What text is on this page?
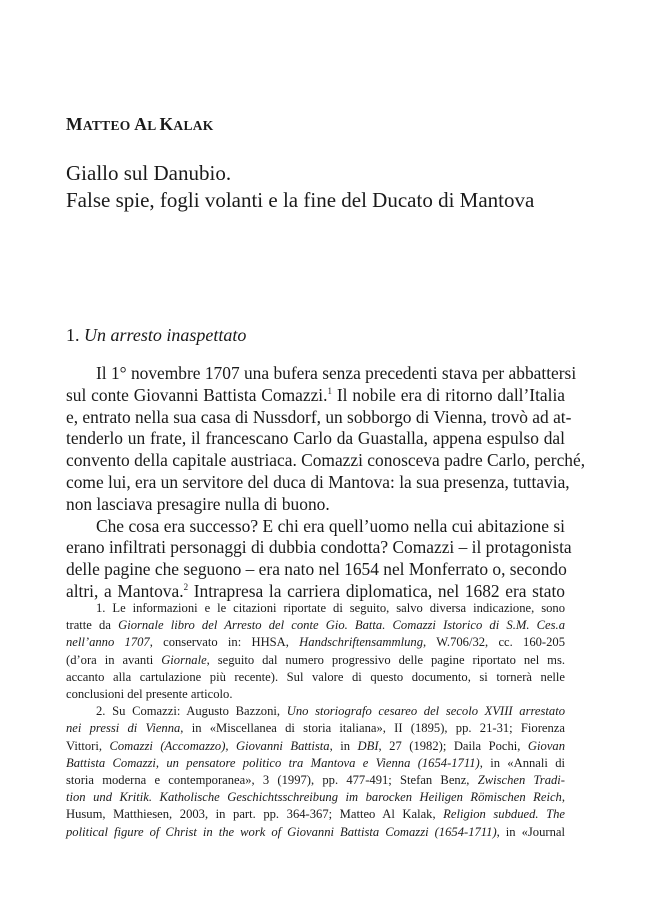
MATTEO AL KALAK
Giallo sul Danubio.
False spie, fogli volanti e la fine del Ducato di Mantova
1. Un arresto inaspettato
Il 1° novembre 1707 una bufera senza precedenti stava per abbattersi
sul conte Giovanni Battista Comazzi.$^1$ Il nobile era di ritorno dall’Italia
e, entrato nella sua casa di Nussdorf, un sobborgo di Vienna, trovò ad at-
tenderlo un frate, il francescano Carlo da Guastalla, appena espulso dal
convento della capitale austriaca. Comazzi conosceva padre Carlo, perché,
come lui, era un servitore del duca di Mantova: la sua presenza, tuttavia,
non lasciava presagire nulla di buono.
Che cosa era successo? E chi era quell’uomo nella cui abitazione si
erano infiltrati personaggi di dubbia condotta? Comazzi – il protagonista
delle pagine che seguono – era nato nel 1654 nel Monferrato o, secondo
altri, a Mantova.$^2$ Intrapresa la carriera diplomatica, nel 1682 era stato
1. Le informazioni e le citazioni riportate di seguito, salvo diversa indicazione, sono
tratte da Giornale libro del Arresto del conte Gio. Batta. Comazzi Istorico di S.M. Ces.a
nell’anno 1707, conservato in: HHSA, Handschriftensammlung, W.706/32, cc. 160-205
(d’ora in avanti Giornale, seguito dal numero progressivo delle pagine riportato nel ms.
accanto alla cartulazione più recente). Sul valore di questo documento, si tornerà nelle
conclusioni del presente articolo.
2. Su Comazzi: Augusto Bazzoni, Uno storiografo cesareo del secolo XVIII arrestato
nei pressi di Vienna, in «Miscellanea di storia italiana», II (1895), pp. 21-31; Fiorenza
Vittori, Comazzi (Accomazzo), Giovanni Battista, in DBI, 27 (1982); Daila Pochi, Giovan
Battista Comazzi, un pensatore politico tra Mantova e Vienna (1654-1711), in «Annali di
storia moderna e contemporanea», 3 (1997), pp. 477-491; Stefan Benz, Zwischen Tradi-
tion und Kritik. Katholische Geschichtsschreibung im barocken Heiligen Römischen Reich,
Husum, Matthiesen, 2003, in part. pp. 364-367; Matteo Al Kalak, Religion subdued. The
political figure of Christ in the work of Giovanni Battista Comazzi (1654-1711), in «Journal
